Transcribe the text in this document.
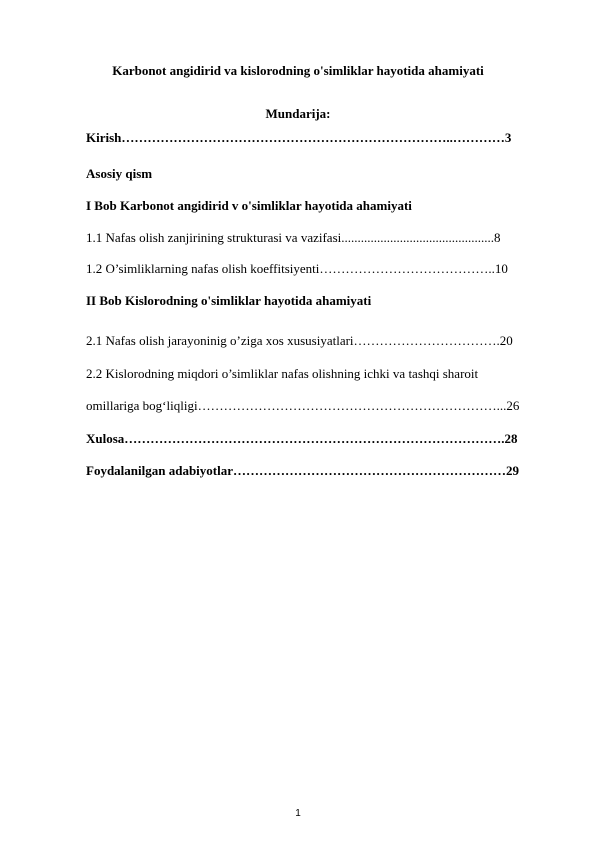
Karbonot angidirid va kislorodning o'simliklar hayotida ahamiyati
Mundarija:
Kirish…………………………………………………………………..…………3
Asosiy qism
I Bob Karbonot angidirid v o'simliklar hayotida ahamiyati
1.1 Nafas olish zanjirining strukturasi va vazifasi...............................................8
1.2 O’simliklarning nafas olish koeffitsiyenti…………………………………..10
II Bob Kislorodning o'simliklar hayotida ahamiyati
2.1 Nafas olish jarayoninig o’ziga xos xususiyatlari…………………………….20
2.2 Kislorodning miqdori o’simliklar nafas olishning ichki va tashqi sharoit
omillariga bog‘liqligi……………………………………………………………...26
Xulosa…………………………………………………………………………….28
Foydalanilgan adabiyotlar………………………………………………………29
1
